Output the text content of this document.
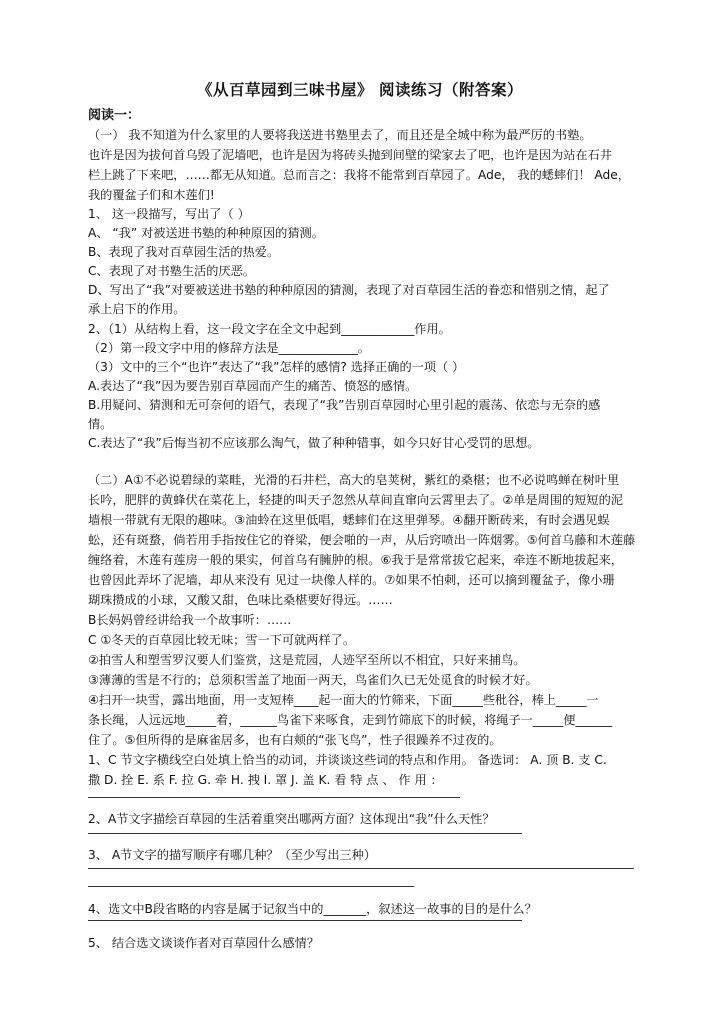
《从百草园到三味书屋》 阅读练习（附答案）
阅读一：
（一） 我不知道为什么家里的人要将我送进书塾里去了，而且还是全城中称为最严厉的书塾。
也许是因为拔何首乌毁了泥墙吧，也许是因为将砖头抛到间壁的梁家去了吧，也许是因为站在石井
栏上跳了下来吧，……都无从知道。总而言之：我将不能常到百草园了。Ade， 我的蟋蟀们！ Ade，
我的覆盆子们和木莲们!
1、 这一段描写，写出了（ ）
A、 “我” 对被送进书塾的种种原因的猜测。
B、表现了我对百草园生活的热爱。
C、表现了对书塾生活的厌恶。
D、写出了“我”对要被送进书塾的种种原因的猜测，表现了对百草园生活的眷恋和惜别之情，起了
承上启下的作用。
2、（1）从结构上看，这一段文字在全文中起到____________作用。
（2）第一段文字中用的修辞方法是_____________。
（3）文中的三个“也许”表达了“我”怎样的感情? 选择正确的一项（ ）
A.表达了“我”因为要告别百草园而产生的痛苦、愤怒的感情。
B.用疑问、猜测和无可奈何的语气，表现了“我”告别百草园时心里引起的震荡、依恋与无奈的感
情。
C.表达了“我”后悔当初不应该那么淘气，做了种种错事，如今只好甘心受罚的思想。
（二）A①不必说碧绿的菜畦，光滑的石井栏，高大的皂荚树，紫红的桑椹；也不必说鸣蝉在树叶里
长吟，肥胖的黄蜂伏在菜花上，轻捷的叫天子忽然从草间直窜向云霄里去了。②单是周围的短短的泥
墙根一带就有无限的趣味。③油蛉在这里低唱，蟋蟀们在这里弹琴。④翻开断砖来，有时会遇见蜈
蚣，还有斑蝥，倘若用手指按住它的脊梁，便会啪的一声，从后窍喷出一阵烟雾。⑤何首乌藤和木莲藤
缠络着，木莲有莲房一般的果实，何首乌有臃肿的根。⑥我于是常常拔它起来，牵连不断地拔起来，
也曾因此弄坏了泥墙，却从来没有 见过一块像人样的。⑦如果不怕刺，还可以摘到覆盆子，像小珊
瑚珠攒成的小球，又酸又甜，色味比桑椹要好得远。……
B长妈妈曾经讲给我一个故事听：……
C ①冬天的百草园比较无味；雪一下可就两样了。
②拍雪人和塑雪罗汉要人们鉴赏，这是荒园，人迹罕至所以不相宜，只好来捕鸟。
③薄薄的雪是不行的；总须积雪盖了地面一两天，鸟雀们久已无处觅食的时候才好。
④扫开一块雪，露出地面，用一支短棒____起一面大的竹筛来，下面_____些秕谷，棒上_____一
条长绳，人远远地_____着，______鸟雀下来啄食，走到竹筛底下的时候，将绳子一_____便______
住了。⑤但所得的是麻雀居多，也有白颊的“张飞鸟”，性子很躁养不过夜的。
1、C 节文字横线空白处填上恰当的动词，并谈谈这些词的特点和作用。 备选词： A. 顶 B. 支 C.
撒 D. 拴 E. 系 F. 拉 G. 牵 H. 拽 I. 罩 J. 盖 K. 看 特 点 、 作 用 ：
2、A节文字描绘百草园的生活着重突出哪两方面？这体现出“我”什么天性？
3、 A节文字的描写顺序有哪几种？（至少写出三种）
4、选文中B段省略的内容是属于记叙当中的_______，叙述这一故事的目的是什么？
5、 结合选文谈谈作者对百草园什么感情？
